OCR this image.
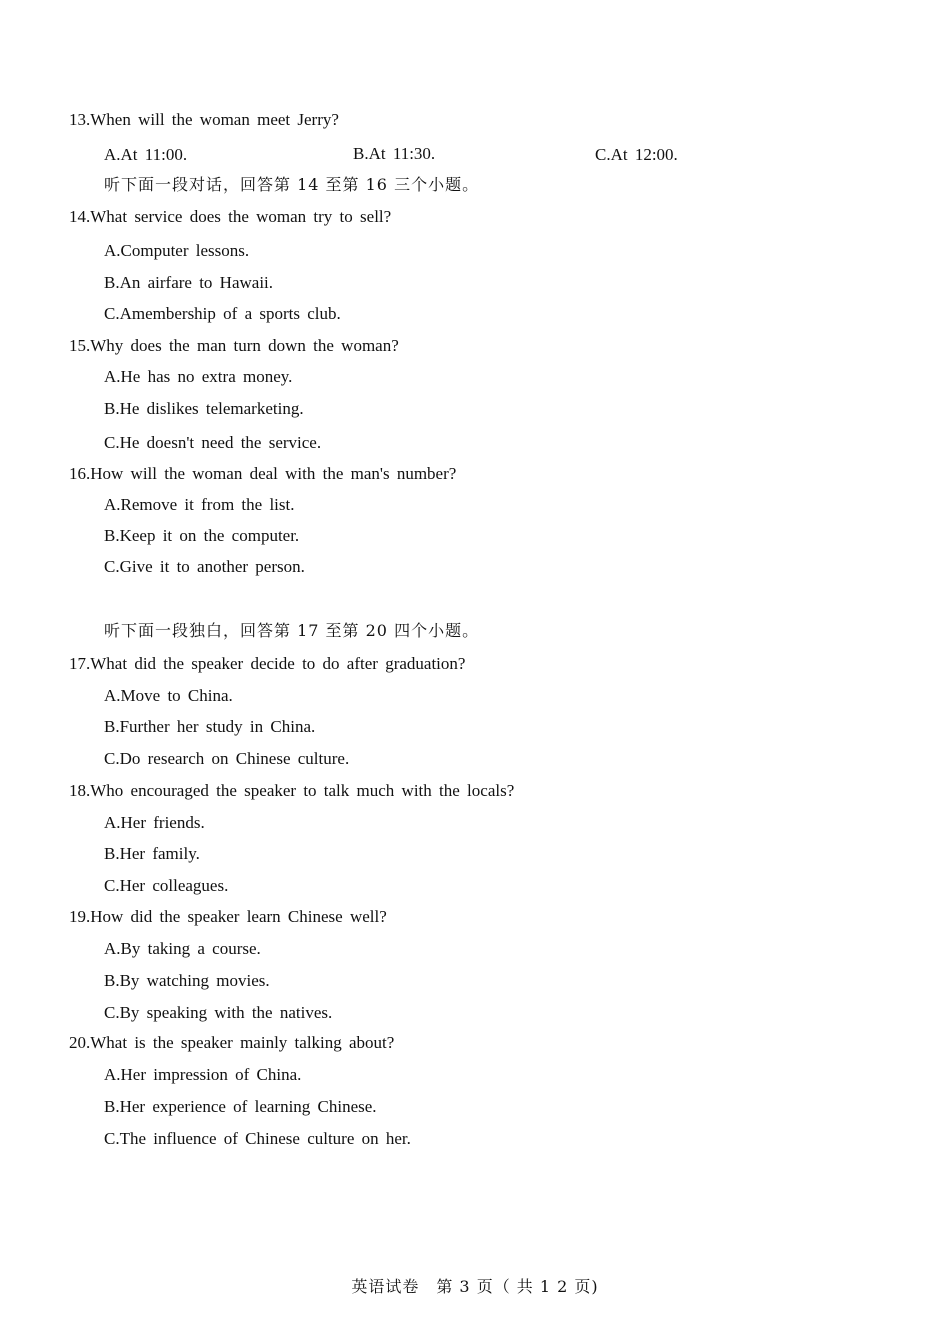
13.When will the woman meet Jerry?
A.At 11:00.	B.At 11:30.	C.At 12:00.
听下面一段对话，回答第 14 至第 16 三个小题。
14.What service does the woman try to sell?
A.Computer lessons.
B.An airfare to Hawaii.
C.Amembership of a sports club.
15.Why does the man turn down the woman?
A.He has no extra money.
B.He dislikes telemarketing.
C.He doesn't need the service.
16.How will the woman deal with the man's number?
A.Remove it from the list.
B.Keep it on the computer.
C.Give it to another person.
听下面一段独白，回答第 17 至第 20 四个小题。
17.What did the speaker decide to do after graduation?
A.Move to China.
B.Further her study in China.
C.Do research on Chinese culture.
18.Who encouraged the speaker to talk much with the locals?
A.Her friends.
B.Her family.
C.Her colleagues.
19.How did the speaker learn Chinese well?
A.By taking a course.
B.By watching movies.
C.By speaking with the natives.
20.What is the speaker mainly talking about?
A.Her impression of China.
B.Her experience of learning Chinese.
C.The influence of Chinese culture on her.
英语试卷　第 3 页（ 共 1 2 页)
